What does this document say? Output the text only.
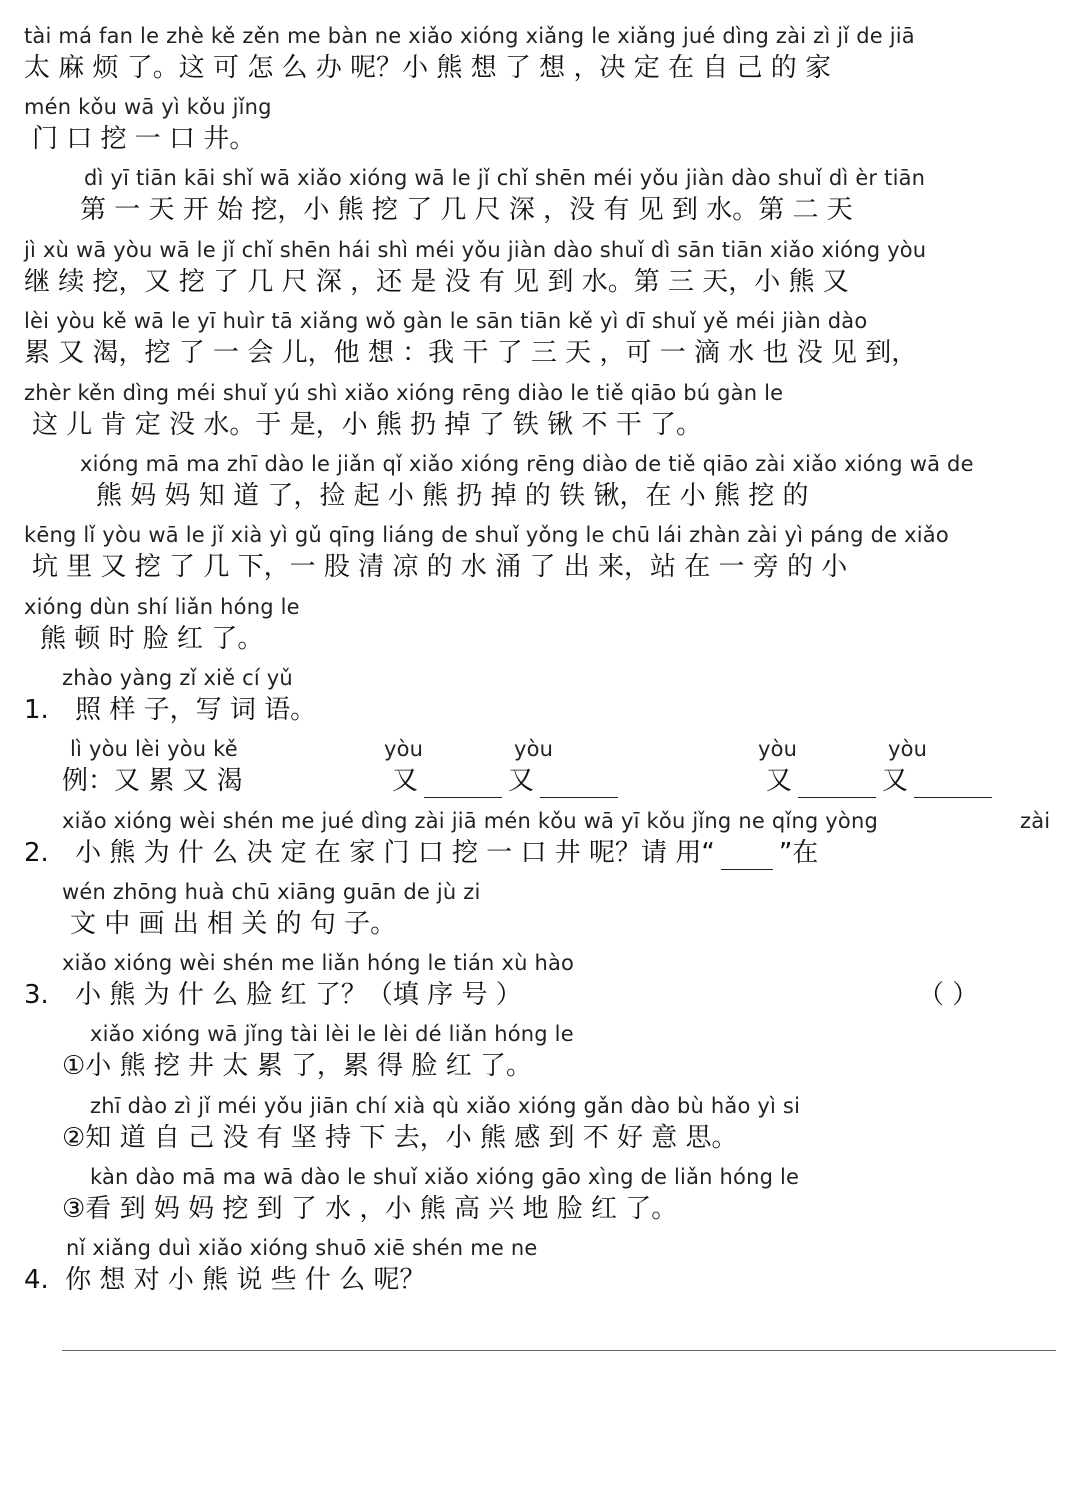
tài má fan le zhè kě zěn me bàn ne xiǎo xióng xiǎng le xiǎng jué dìng zài zì jǐ de jiā
太 麻 烦 了。这 可 怎 么 办 呢？小 熊 想 了 想 ，决 定 在 自 己 的 家
mén kǒu wā yì kǒu jǐng
门 口 挖 一 口 井。
dì yī tiān kāi shǐ wā xiǎo xióng wā le jǐ chǐ shēn méi yǒu jiàn dào shuǐ dì èr tiān
第 一 天 开 始 挖，小 熊 挖 了 几 尺 深 ，没 有 见 到 水。第 二 天
jì xù wā yòu wā le jǐ chǐ shēn hái shì méi yǒu jiàn dào shuǐ dì sān tiān xiǎo xióng yòu
继 续 挖，又 挖 了 几 尺 深 ，还 是 没 有 见 到 水。第 三 天，小 熊 又
lèi yòu kě wā le yī huìr tā xiǎng wǒ gàn le sān tiān kě yì dī shuǐ yě méi jiàn dào
累 又 渴，挖 了 一 会 儿，他 想 ：我 干 了 三 天 ，可 一 滴 水 也 没 见 到，
zhèr kěn dìng méi shuǐ yú shì xiǎo xióng rēng diào le tiě qiāo bú gàn le
这 儿 肯 定 没 水。于 是，小 熊 扔 掉 了 铁 锹 不 干 了。
xióng mā ma zhī dào le jiǎn qǐ xiǎo xióng rēng diào de tiě qiāo zài xiǎo xióng wā de
熊 妈 妈 知 道 了，捡 起 小 熊 扔 掉 的 铁 锹，在 小 熊 挖 的
kēng lǐ yòu wā le jǐ xià yì gǔ qīng liáng de shuǐ yǒng le chū lái zhàn zài yì páng de xiǎo
坑 里 又 挖 了 几 下，一 股 清 凉 的 水 涌 了 出 来，站 在 一 旁 的 小
xióng dùn shí liǎn hóng le
熊 顿 时 脸 红 了。
zhào yàng zǐ xiě cí yǔ
1. 照 样 子，写 词 语。
lì yòu lèi yòu kě
例：又 累 又 渴
yòu	yòu
又	又
yòu	yòu
又	又
xiǎo xióng wèi shén me jué dìng zài jiā mén kǒu wā yī kǒu jǐng ne qǐng yòng	zài
2. 小 熊 为 什 么 决 定 在 家 门 口 挖 一 口 井 呢？请 用“ ”在
wén zhōng huà chū xiāng guān de jù zi
文 中 画 出 相 关 的 句 子。
xiǎo xióng wèi shén me liǎn hóng le tián xù hào
3. 小 熊 为 什 么 脸 红 了？（填 序 号 ）	（ ）
xiǎo xióng wā jǐng tài lèi le lèi dé liǎn hóng le
①小 熊 挖 井 太 累 了，累 得 脸 红 了。
zhī dào zì jǐ méi yǒu jiān chí xià qù xiǎo xióng gǎn dào bù hǎo yì si
②知 道 自 己 没 有 坚 持 下 去，小 熊 感 到 不 好 意 思。
kàn dào mā ma wā dào le shuǐ xiǎo xióng gāo xìng de liǎn hóng le
③看 到 妈 妈 挖 到 了 水 ，小 熊 高 兴 地 脸 红 了。
nǐ xiǎng duì xiǎo xióng shuō xiē shén me ne
4. 你 想 对 小 熊 说 些 什 么 呢？
